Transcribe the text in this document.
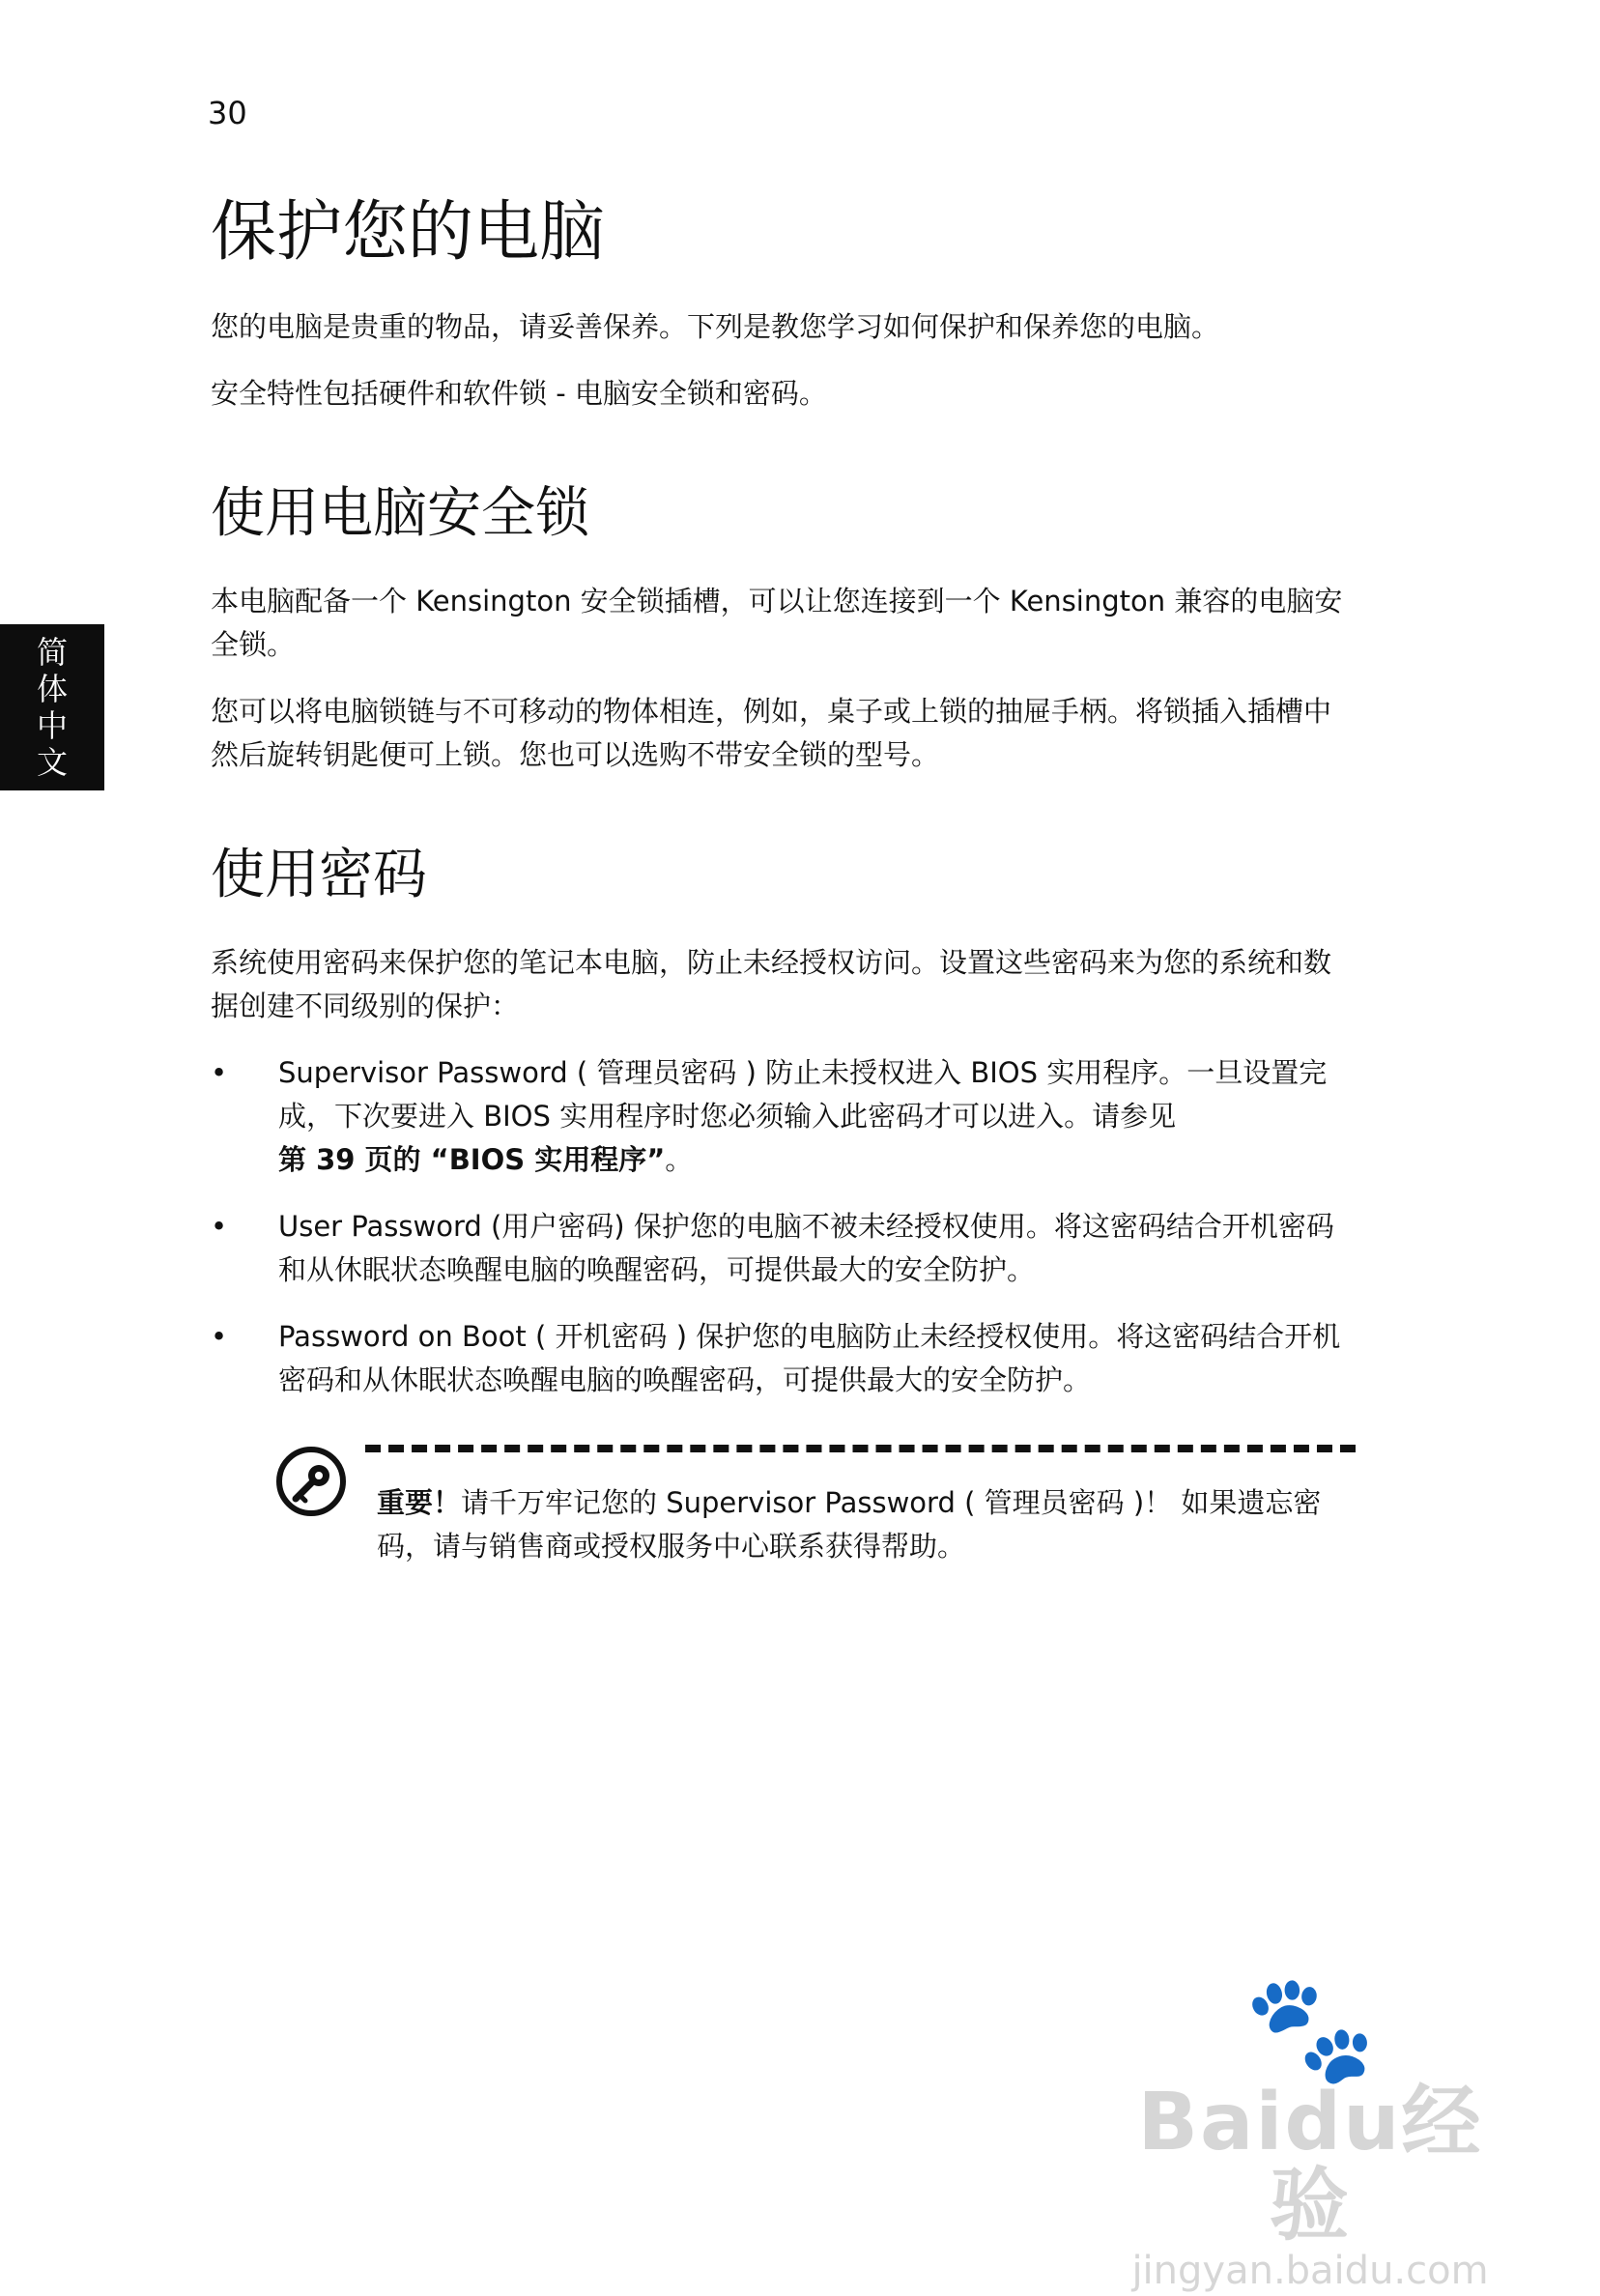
30
简
体
中
文
保护您的电脑

您的电脑是贵重的物品，请妥善保养。下列是教您学习如何保护和保养您的电脑。

安全特性包括硬件和软件锁 - 电脑安全锁和密码。

使用电脑安全锁

本电脑配备一个 Kensington 安全锁插槽，可以让您连接到一个 Kensington 兼容的电脑安全锁。

您可以将电脑锁链与不可移动的物体相连，例如，桌子或上锁的抽屉手柄。将锁插入插槽中然后旋转钥匙便可上锁。您也可以选购不带安全锁的型号。

使用密码

系统使用密码来保护您的笔记本电脑，防止未经授权访问。设置这些密码来为您的系统和数据创建不同级别的保护：

• Supervisor Password ( 管理员密码 ) 防止未授权进入 BIOS 实用程序。一旦设置完成，下次要进入 BIOS 实用程序时您必须输入此密码才可以进入。请参见
第 39 页的 “BIOS 实用程序”。
• User Password (用户密码) 保护您的电脑不被未经授权使用。将这密码结合开机密码和从休眠状态唤醒电脑的唤醒密码，可提供最大的安全防护。
• Password on Boot ( 开机密码 ) 保护您的电脑防止未经授权使用。将这密码结合开机密码和从休眠状态唤醒电脑的唤醒密码，可提供最大的安全防护。
重要！请千万牢记您的 Supervisor Password ( 管理员密码 )！ 如果遗忘密码，请与销售商或授权服务中心联系获得帮助。
🐾
Baidu经验
jingyan.baidu.com
